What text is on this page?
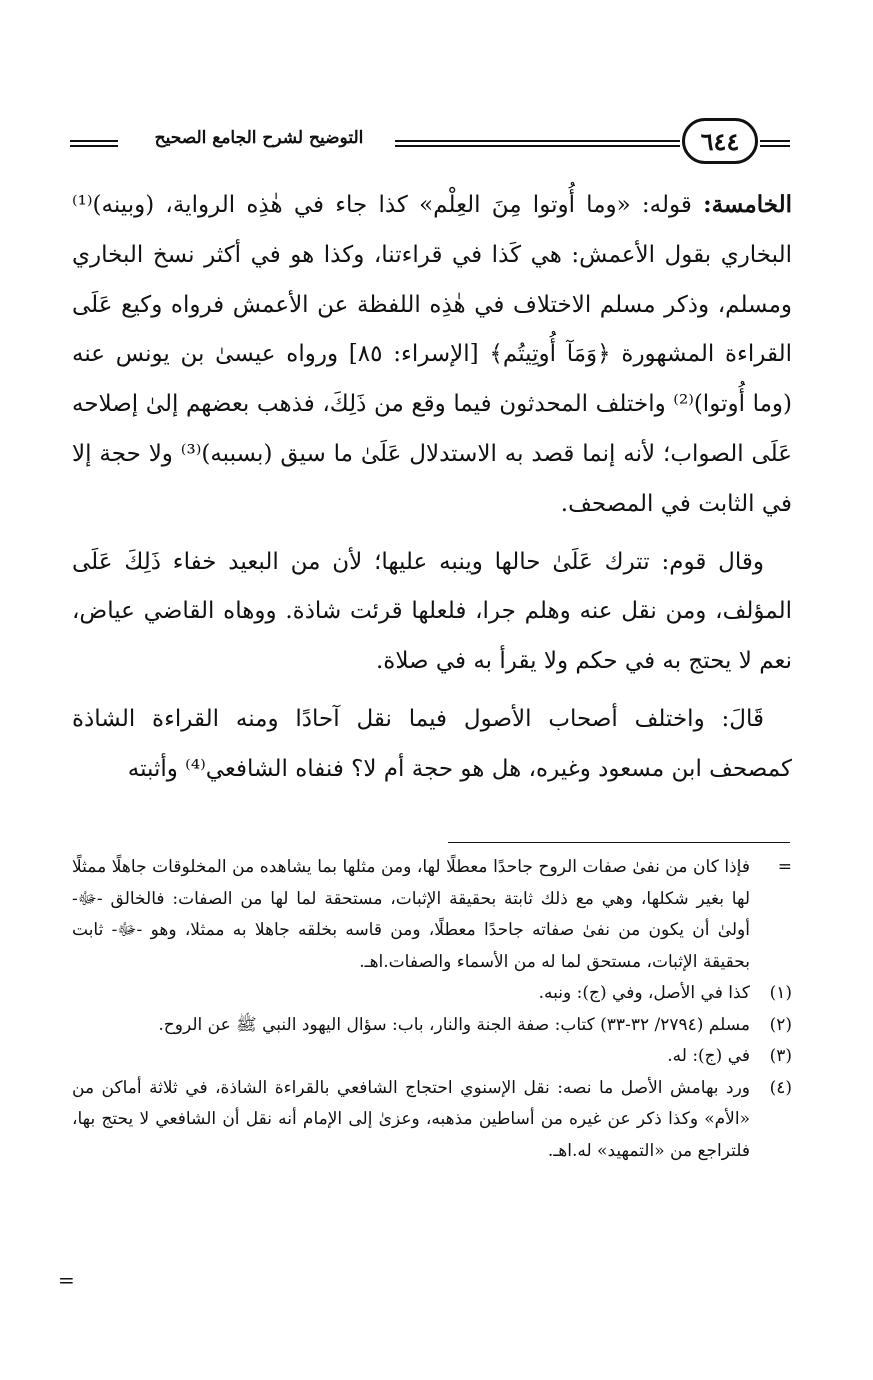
التوضيح لشرح الجامع الصحيح	٦٤٤

الخامسة: قوله: «وما أُوتوا مِنَ العِلْم» كذا جاء في هٰذِه الرواية، (وبينه)⁽¹⁾ البخاري بقول الأعمش: هي كَذا في قراءتنا، وكذا هو في أكثر نسخ البخاري ومسلم، وذكر مسلم الاختلاف في هٰذِه اللفظة عن الأعمش فرواه وكيع عَلَى القراءة المشهورة ﴿وَمَآ أُوتِيتُم﴾ [الإسراء: ٨٥] ورواه عيسىٰ بن يونس عنه (وما أُوتوا)⁽²⁾ واختلف المحدثون فيما وقع من ذَلِكَ، فذهب بعضهم إلىٰ إصلاحه عَلَى الصواب؛ لأنه إنما قصد به الاستدلال عَلَىٰ ما سيق (بسببه)⁽³⁾ ولا حجة إلا في الثابت في المصحف.

وقال قوم: تترك عَلَىٰ حالها وينبه عليها؛ لأن من البعيد خفاء ذَلِكَ عَلَى المؤلف، ومن نقل عنه وهلم جرا، فلعلها قرئت شاذة. ووهاه القاضي عياض، نعم لا يحتج به في حكم ولا يقرأ به في صلاة.

قَالَ: واختلف أصحاب الأصول فيما نقل آحادًا ومنه القراءة الشاذة كمصحف ابن مسعود وغيره، هل هو حجة أم لا؟ فنفاه الشافعي⁽⁴⁾ وأثبته

=
فإذا كان من نفىٰ صفات الروح جاحدًا معطلًا لها، ومن مثلها بما يشاهده من المخلوقات جاهلًا ممثلًا لها بغير شكلها، وهي مع ذلك ثابتة بحقيقة الإثبات، مستحقة لما لها من الصفات: فالخالق -ﷻ- أولىٰ أن يكون من نفىٰ صفاته جاحدًا معطلًا، ومن قاسه بخلقه جاهلا به ممثلا، وهو -ﷻ- ثابت بحقيقة الإثبات، مستحق لما له من الأسماء والصفات.اهـ.
(١)
كذا في الأصل، وفي (ج): ونبه.
(٢)
مسلم (٢٧٩٤/ ٣٢-٣٣) كتاب: صفة الجنة والنار، باب: سؤال اليهود النبي ﷺ عن الروح.
(٣)
في (ج): له.
(٤)
ورد بهامش الأصل ما نصه: نقل الإسنوي احتجاج الشافعي بالقراءة الشاذة، في ثلاثة أماكن من «الأم» وكذا ذكر عن غيره من أساطين مذهبه، وعزىٰ إلى الإمام أنه نقل أن الشافعي لا يحتج بها، فلتراجع من «التمهيد» له.اهـ.
=
